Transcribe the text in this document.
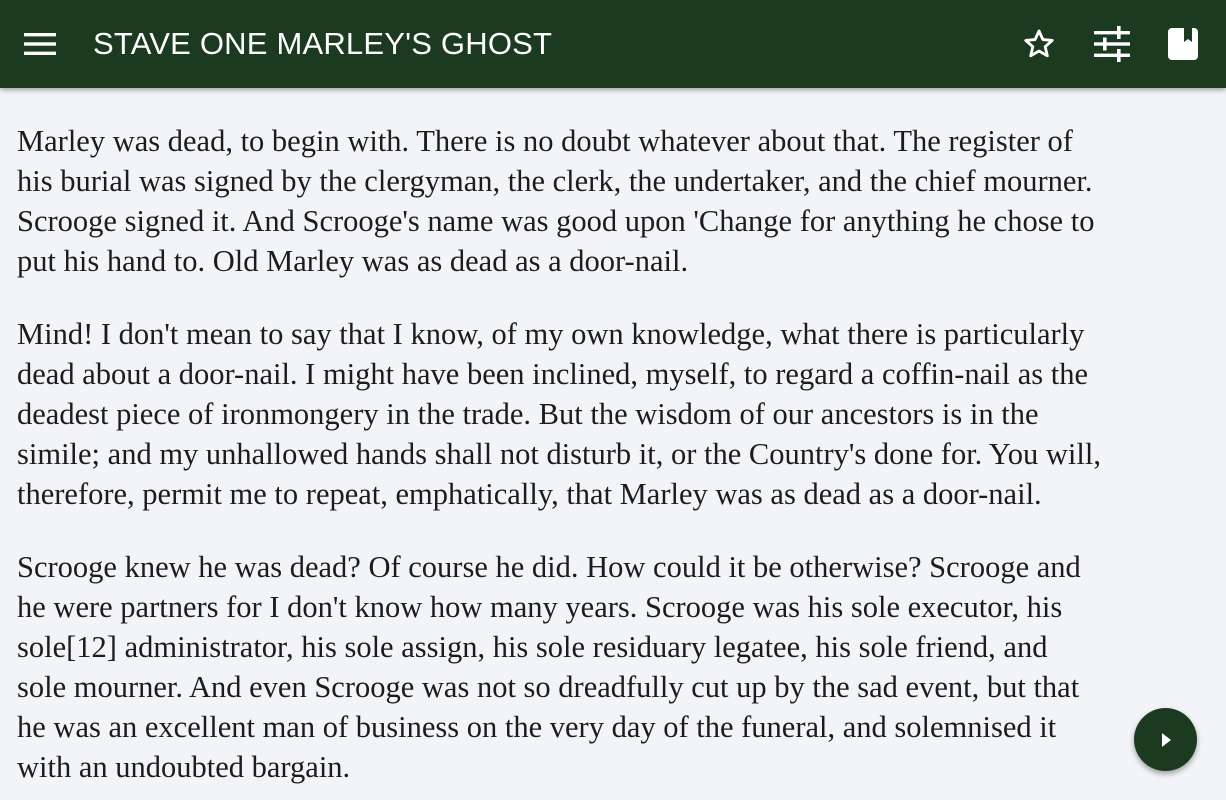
STAVE ONE MARLEY'S GHOST

Marley was dead, to begin with. There is no doubt whatever about that. The register of
his burial was signed by the clergyman, the clerk, the undertaker, and the chief mourner.
Scrooge signed it. And Scrooge's name was good upon 'Change for anything he chose to
put his hand to. Old Marley was as dead as a door-nail.

Mind! I don't mean to say that I know, of my own knowledge, what there is particularly
dead about a door-nail. I might have been inclined, myself, to regard a coffin-nail as the
deadest piece of ironmongery in the trade. But the wisdom of our ancestors is in the
simile; and my unhallowed hands shall not disturb it, or the Country's done for. You will,
therefore, permit me to repeat, emphatically, that Marley was as dead as a door-nail.

Scrooge knew he was dead? Of course he did. How could it be otherwise? Scrooge and
he were partners for I don't know how many years. Scrooge was his sole executor, his
sole[12] administrator, his sole assign, his sole residuary legatee, his sole friend, and
sole mourner. And even Scrooge was not so dreadfully cut up by the sad event, but that
he was an excellent man of business on the very day of the funeral, and solemnised it
with an undoubted bargain.
